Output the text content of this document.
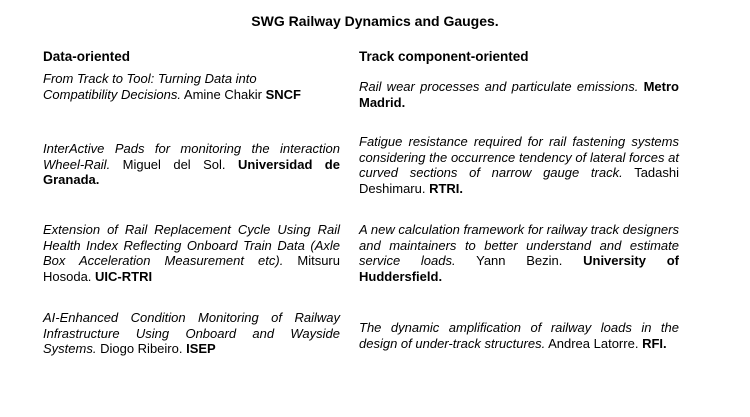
SWG Railway Dynamics and Gauges.
Data-oriented
From Track to Tool: Turning Data into Compatibility Decisions. Amine Chakir SNCF
InterActive Pads for monitoring the interaction Wheel-Rail. Miguel del Sol. Universidad de Granada.
Extension of Rail Replacement Cycle Using Rail Health Index Reflecting Onboard Train Data (Axle Box Acceleration Measurement etc). Mitsuru Hosoda. UIC-RTRI
AI-Enhanced Condition Monitoring of Railway Infrastructure Using Onboard and Wayside Systems. Diogo Ribeiro. ISEP
Track component-oriented
Rail wear processes and particulate emissions. Metro Madrid.
Fatigue resistance required for rail fastening systems considering the occurrence tendency of lateral forces at curved sections of narrow gauge track. Tadashi Deshimaru. RTRI.
A new calculation framework for railway track designers and maintainers to better understand and estimate service loads. Yann Bezin. University of Huddersfield.
The dynamic amplification of railway loads in the design of under-track structures. Andrea Latorre. RFI.
